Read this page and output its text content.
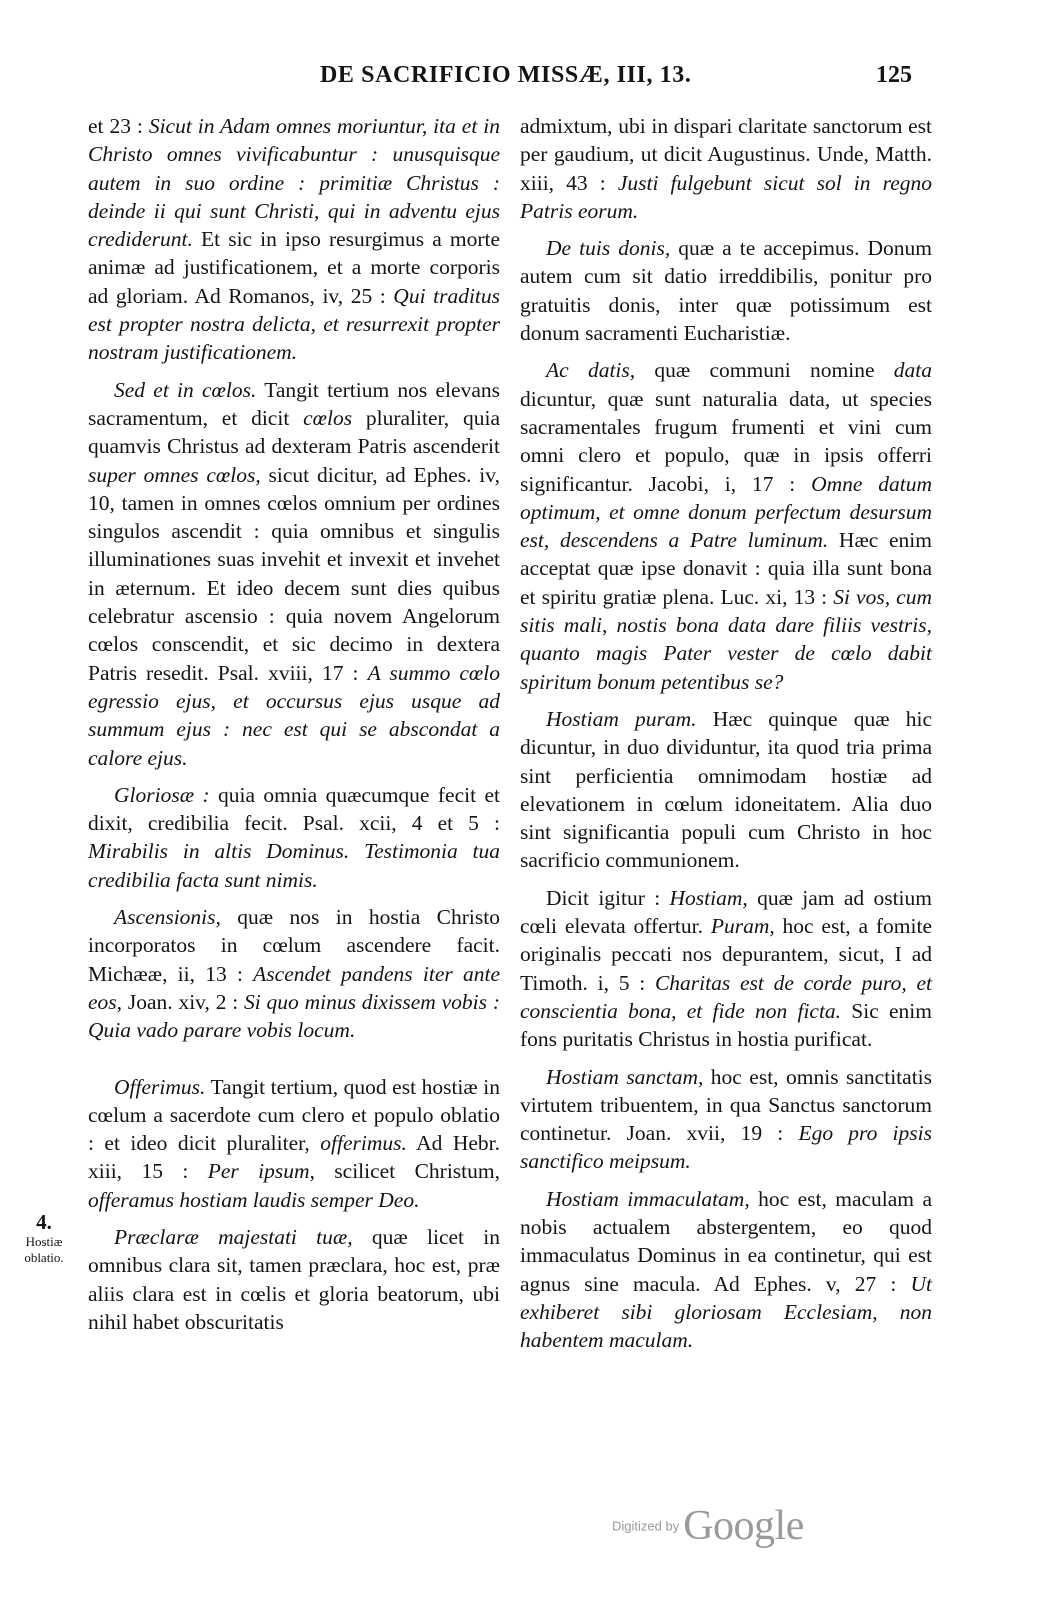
DE SACRIFICIO MISSÆ, III, 13.	125

et 23 : Sicut in Adam omnes moriuntur, ita et in Christo omnes vivificabuntur : unusquisque autem in suo ordine : primitiæ Christus : deinde ii qui sunt Christi, qui in adventu ejus crediderunt. Et sic in ipso resurgimus a morte animæ ad justificationem, et a morte corporis ad gloriam. Ad Romanos, iv, 25 : Qui traditus est propter nostra delicta, et resurrexit propter nostram justificationem.

Sed et in cœlos. Tangit tertium nos elevans sacramentum, et dicit cœlos pluraliter, quia quamvis Christus ad dexteram Patris ascenderit super omnes cœlos, sicut dicitur, ad Ephes. iv, 10, tamen in omnes cœlos omnium per ordines singulos ascendit : quia omnibus et singulis illuminationes suas invehit et invexit et invehet in æternum. Et ideo decem sunt dies quibus celebratur ascensio : quia novem Angelorum cœlos conscendit, et sic decimo in dextera Patris resedit. Psal. xviii, 17 : A summo cœlo egressio ejus, et occursus ejus usque ad summum ejus : nec est qui se abscondat a calore ejus.

Gloriosæ : quia omnia quæcumque fecit et dixit, credibilia fecit. Psal. xcii, 4 et 5 : Mirabilis in altis Dominus. Testimonia tua credibilia facta sunt nimis.

Ascensionis, quæ nos in hostia Christo incorporatos in cœlum ascendere facit. Michææ, ii, 13 : Ascendet pandens iter ante eos, Joan. xiv, 2 : Si quo minus dixissem vobis : Quia vado parare vobis locum.

Offerimus. Tangit tertium, quod est hostiæ in cœlum a sacerdote cum clero et populo oblatio : et ideo dicit pluraliter, offerimus. Ad Hebr. xiii, 15 : Per ipsum, scilicet Christum, offeramus hostiam laudis semper Deo.

Præclaræ majestati tuæ, quæ licet in omnibus clara sit, tamen præclara, hoc est, præ aliis clara est in cœlis et gloria beatorum, ubi nihil habet obscuritatis

4.
Hostiæ oblatio.

admixtum, ubi in dispari claritate sanctorum est per gaudium, ut dicit Augustinus. Unde, Matth. xiii, 43 : Justi fulgebunt sicut sol in regno Patris eorum.

De tuis donis, quæ a te accepimus. Donum autem cum sit datio irreddibilis, ponitur pro gratuitis donis, inter quæ potissimum est donum sacramenti Eucharistiæ.

Ac datis, quæ communi nomine data dicuntur, quæ sunt naturalia data, ut species sacramentales frugum frumenti et vini cum omni clero et populo, quæ in ipsis offerri significantur. Jacobi, i, 17 : Omne datum optimum, et omne donum perfectum desursum est, descendens a Patre luminum. Hæc enim acceptat quæ ipse donavit : quia illa sunt bona et spiritu gratiæ plena. Luc. xi, 13 : Si vos, cum sitis mali, nostis bona data dare filiis vestris, quanto magis Pater vester de cœlo dabit spiritum bonum petentibus se?

Hostiam puram. Hæc quinque quæ hic dicuntur, in duo dividuntur, ita quod tria prima sint perficientia omnimodam hostiæ ad elevationem in cœlum idoneitatem. Alia duo sint significantia populi cum Christo in hoc sacrificio communionem.

Dicit igitur : Hostiam, quæ jam ad ostium cœli elevata offertur. Puram, hoc est, a fomite originalis peccati nos depurantem, sicut, I ad Timoth. i, 5 : Charitas est de corde puro, et conscientia bona, et fide non ficta. Sic enim fons puritatis Christus in hostia purificat.

Hostiam sanctam, hoc est, omnis sanctitatis virtutem tribuentem, in qua Sanctus sanctorum continetur. Joan. xvii, 19 : Ego pro ipsis sanctifico meipsum.

Hostiam immaculatam, hoc est, maculam a nobis actualem abstergentem, eo quod immaculatus Dominus in ea continetur, qui est agnus sine macula. Ad Ephes. v, 27 : Ut exhiberet sibi gloriosam Ecclesiam, non habentem maculam.

Digitized by Google
